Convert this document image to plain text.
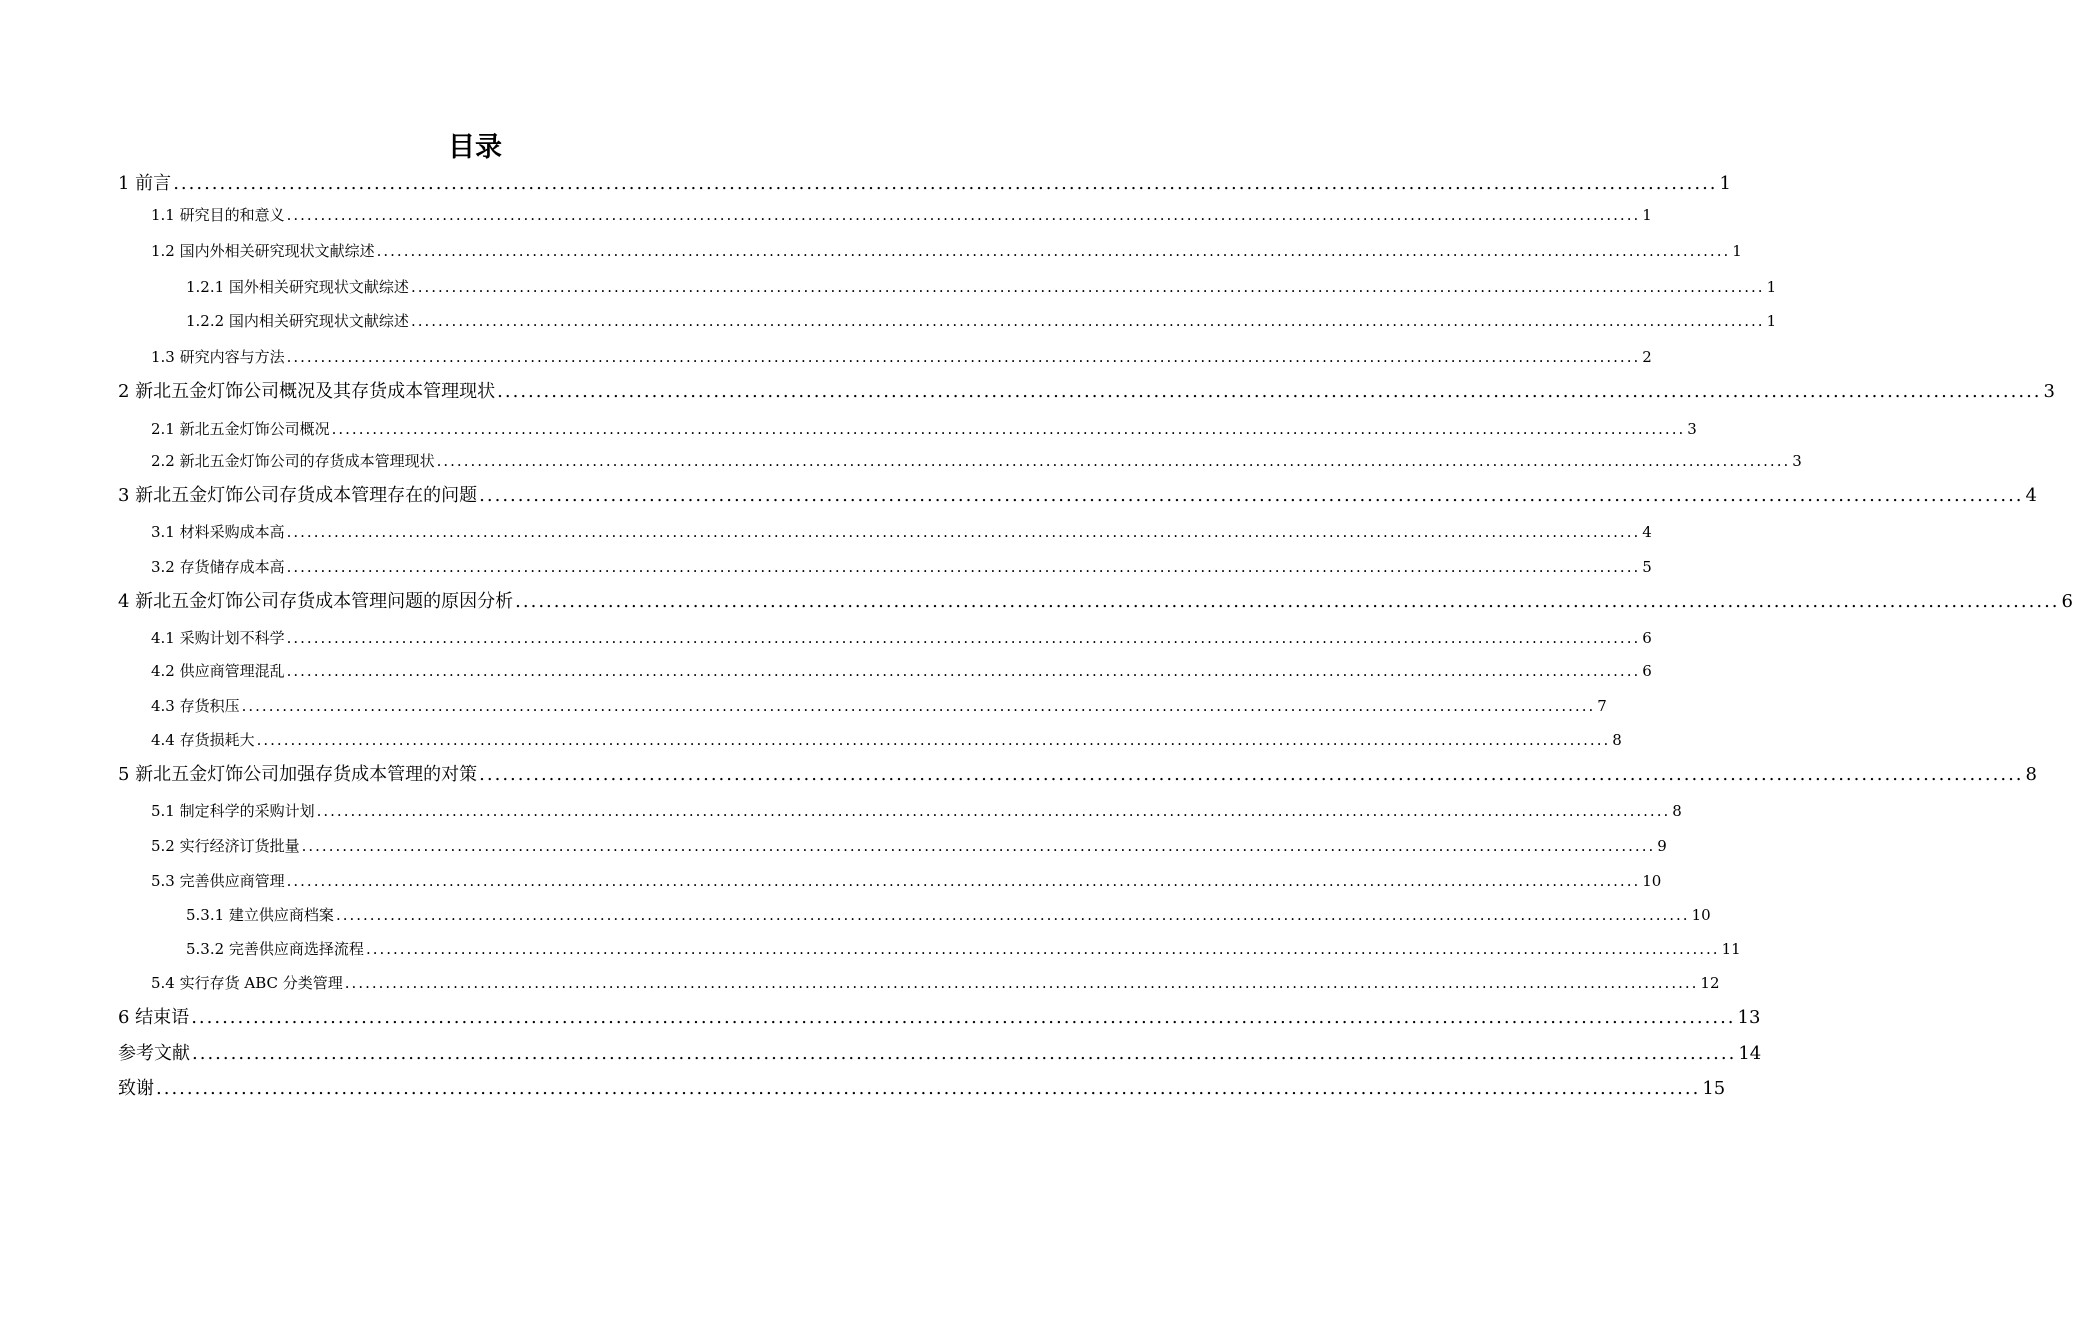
目录
1 前言 ........................................................................................................................................................................................................ 1
1.1 研究目的和意义 ........................................................................................................................................................................................................ 1
1.2 国内外相关研究现状文献综述 ........................................................................................................................................................................................................ 1
1.2.1 国外相关研究现状文献综述 ........................................................................................................................................................................................................ 1
1.2.2 国内相关研究现状文献综述 ........................................................................................................................................................................................................ 1
1.3 研究内容与方法 ........................................................................................................................................................................................................ 2
2 新北五金灯饰公司概况及其存货成本管理现状 ........................................................................................................................................................................................................ 3
2.1 新北五金灯饰公司概况 ........................................................................................................................................................................................................ 3
2.2 新北五金灯饰公司的存货成本管理现状 ........................................................................................................................................................................................................ 3
3 新北五金灯饰公司存货成本管理存在的问题 ........................................................................................................................................................................................................ 4
3.1 材料采购成本高 ........................................................................................................................................................................................................ 4
3.2 存货储存成本高 ........................................................................................................................................................................................................ 5
4 新北五金灯饰公司存货成本管理问题的原因分析 ........................................................................................................................................................................................................ 6
4.1 采购计划不科学 ........................................................................................................................................................................................................ 6
4.2 供应商管理混乱 ........................................................................................................................................................................................................ 6
4.3 存货积压 ........................................................................................................................................................................................................ 7
4.4 存货损耗大 ........................................................................................................................................................................................................ 8
5 新北五金灯饰公司加强存货成本管理的对策 ........................................................................................................................................................................................................ 8
5.1 制定科学的采购计划 ........................................................................................................................................................................................................ 8
5.2 实行经济订货批量 ........................................................................................................................................................................................................ 9
5.3 完善供应商管理 ........................................................................................................................................................................................................ 10
5.3.1 建立供应商档案 ........................................................................................................................................................................................................ 10
5.3.2 完善供应商选择流程 ........................................................................................................................................................................................................ 11
5.4 实行存货 ABC 分类管理 ........................................................................................................................................................................................................ 12
6 结束语 ........................................................................................................................................................................................................ 13
参考文献 ........................................................................................................................................................................................................ 14
致谢 ........................................................................................................................................................................................................ 15
